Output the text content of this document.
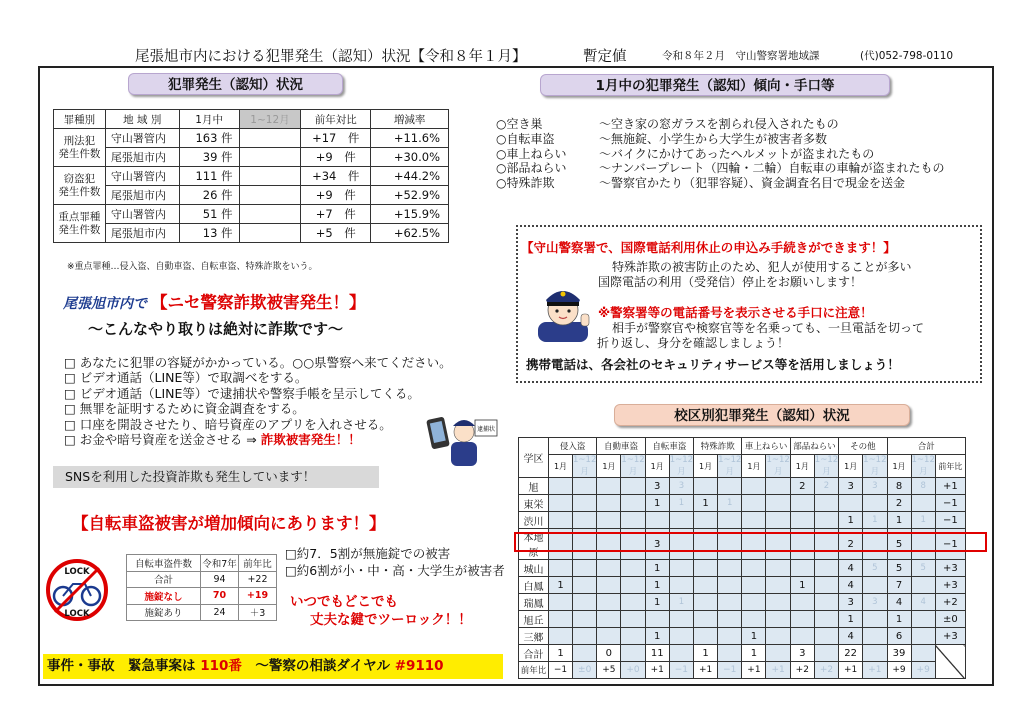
尾張旭市内における犯罪発生（認知）状況【令和８年１月】	暫定値	令和８年２月　守山警察署地域課	(代)052-798-0110
犯罪発生（認知）状況	1月中の犯罪発生（認知）傾向・手口等
罪種別	地 域 別	1月中	1~12月	前年対比	増減率
刑法犯
発生件数	守山署管内	163 件		+17　件	+11.6%
	尾張旭市内	39 件		+9　件	+30.0%
窃盗犯
発生件数	守山署管内	111 件		+34　件	+44.2%
	尾張旭市内	26 件		+9　件	+52.9%
重点罪種
発生件数	守山署管内	51 件		+7　件	+15.9%
	尾張旭市内	13 件		+5　件	+62.5%
※重点罪種…侵入盗、自動車盗、自転車盗、特殊詐欺をいう。
○空き巣	～空き家の窓ガラスを割られ侵入されたもの
○自転車盗	～無施錠、小学生から大学生が被害者多数
○車上ねらい	～バイクにかけてあったヘルメットが盗まれたもの
○部品ねらい	～ナンバープレート（四輪・二輪）自転車の車輪が盗まれたもの
○特殊詐欺	～警察官かたり（犯罪容疑）、資金調査名目で現金を送金
【守山警察署で、国際電話利用休止の申込み手続きができます！】
特殊詐欺の被害防止のため、犯人が使用することが多い
国際電話の利用（受発信）停止をお願いします！
※警察署等の電話番号を表示させる手口に注意！
相手が警察官や検察官等を名乗っても、一旦電話を切って
折り返し、身分を確認しましょう！
携帯電話は、各会社のセキュリティサービス等を活用しましょう！
尾張旭市内で 【ニセ警察詐欺被害発生！】
～こんなやり取りは絶対に詐欺です～
□ あなたに犯罪の容疑がかかっている。○○県警察へ来てください。
□ ビデオ通話（LINE等）で取調べをする。
□ ビデオ通話（LINE等）で逮捕状や警察手帳を呈示してくる。
□ 無罪を証明するために資金調査をする。
□ 口座を開設させたり、暗号資産のアプリを入れさせる。
□ お金や暗号資産を送金させる ⇒ 詐欺被害発生！！
逮捕状
SNSを利用した投資詐欺も発生しています！
【自転車盗被害が増加傾向にあります！】
LOCK
LOCK
自転車盗件数	令和7年	前年比
合計	94	+22
施錠なし	70	+19
施錠あり	24	＋3
□約7．5割が無施錠での被害
□約6割が小・中・高・大学生が被害者
いつでもどこでも
丈夫な鍵でツーロック！！
事件・事故　緊急事案は 110番　～警察の相談ダイヤル #9110
校区別犯罪発生（認知）状況
学区	侵入盗		自動車盗		自転車盗		特殊詐欺		車上ねらい		部品ねらい		その他		合計		
	1月	1~12月	1月	1~12月	1月	1~12月	1月	1~12月	1月	1~12月	1月	1~12月	1月	1~12月	1月	1~12月	前年比
旭					3	3					2	2	3	3	8	8	+1
東栄					1	1	1	1							2		−1
渋川													1	1	1	1	−1
本地原					3								2		5		−1
城山					1								4	5	5	5	+3
白鳳	1				1						1		4		7		+3
瑞鳳					1	1							3	3	4	4	+2
旭丘													1		1		±0
三郷					1				1				4		6		+3
合計	1		0		11		1		1		3		22		39		
前年比	−1	±0	+5	+0	+1	−1	+1	−1	+1	+1	+2	+2	+1	+1	+9	+9	
